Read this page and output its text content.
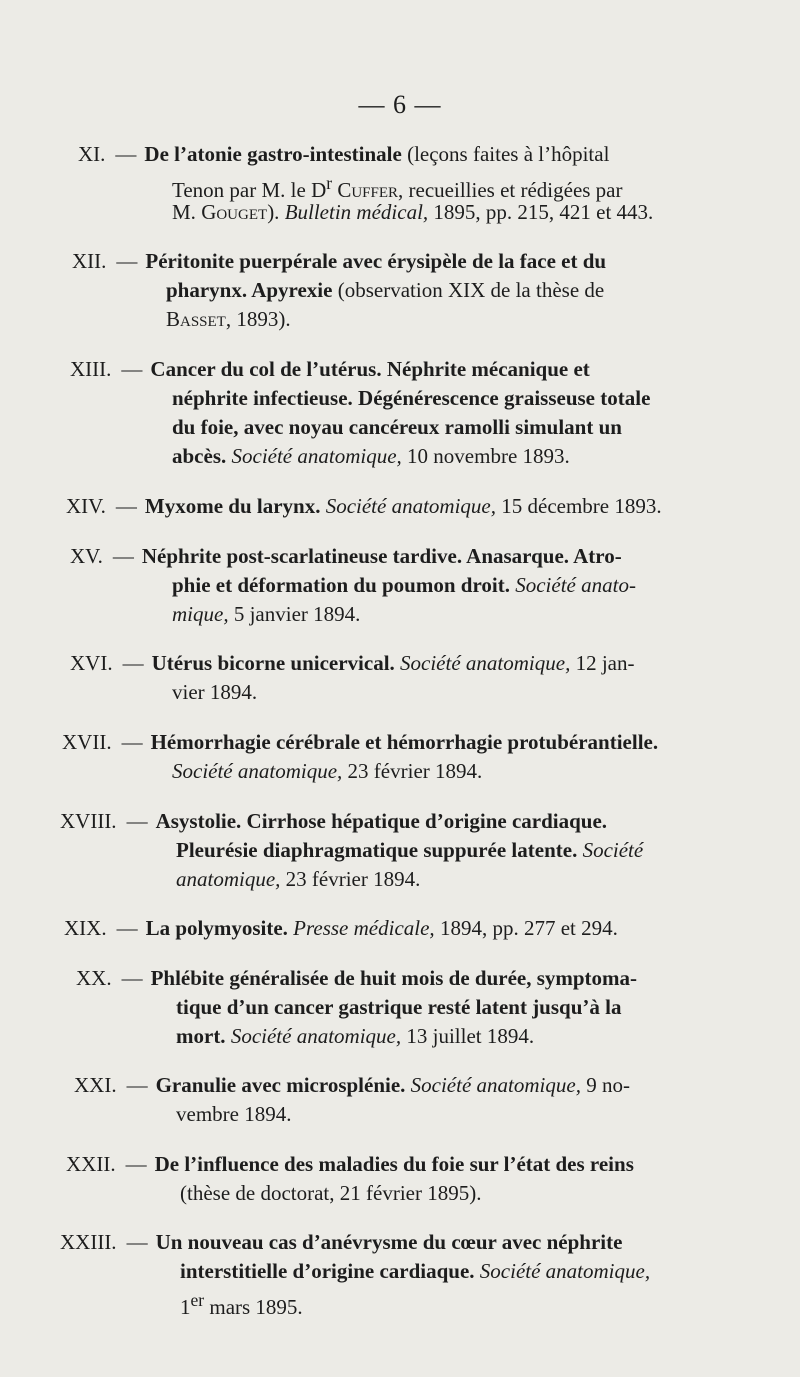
— 6 —
XI. — De l’atonie gastro-intestinale (leçons faites à l’hôpital
Tenon par M. le $D^r$ Cuffer, recueillies et rédigées par
M. Gouget). Bulletin médical, 1895, pp. 215, 421 et 443.
XII. — Péritonite puerpérale avec érysipèle de la face et du
pharynx. Apyrexie (observation XIX de la thèse de
Basset, 1893).
XIII. — Cancer du col de l’utérus. Néphrite mécanique et
néphrite infectieuse. Dégénérescence graisseuse totale
du foie, avec noyau cancéreux ramolli simulant un
abcès. Société anatomique, 10 novembre 1893.
XIV. — Myxome du larynx. Société anatomique, 15 décembre 1893.
XV. — Néphrite post-scarlatineuse tardive. Anasarque. Atro-
phie et déformation du poumon droit. Société anato-
mique, 5 janvier 1894.
XVI. — Utérus bicorne unicervical. Société anatomique, 12 jan-
vier 1894.
XVII. — Hémorrhagie cérébrale et hémorrhagie protubérantielle.
Société anatomique, 23 février 1894.
XVIII. — Asystolie. Cirrhose hépatique d’origine cardiaque.
Pleurésie diaphragmatique suppurée latente. Société
anatomique, 23 février 1894.
XIX. — La polymyosite. Presse médicale, 1894, pp. 277 et 294.
XX. — Phlébite généralisée de huit mois de durée, symptoma-
tique d’un cancer gastrique resté latent jusqu’à la
mort. Société anatomique, 13 juillet 1894.
XXI. — Granulie avec microsplénie. Société anatomique, 9 no-
vembre 1894.
XXII. — De l’influence des maladies du foie sur l’état des reins
(thèse de doctorat, 21 février 1895).
XXIII. — Un nouveau cas d’anévrysme du cœur avec néphrite
interstitielle d’origine cardiaque. Société anatomique,
1er mars 1895.
